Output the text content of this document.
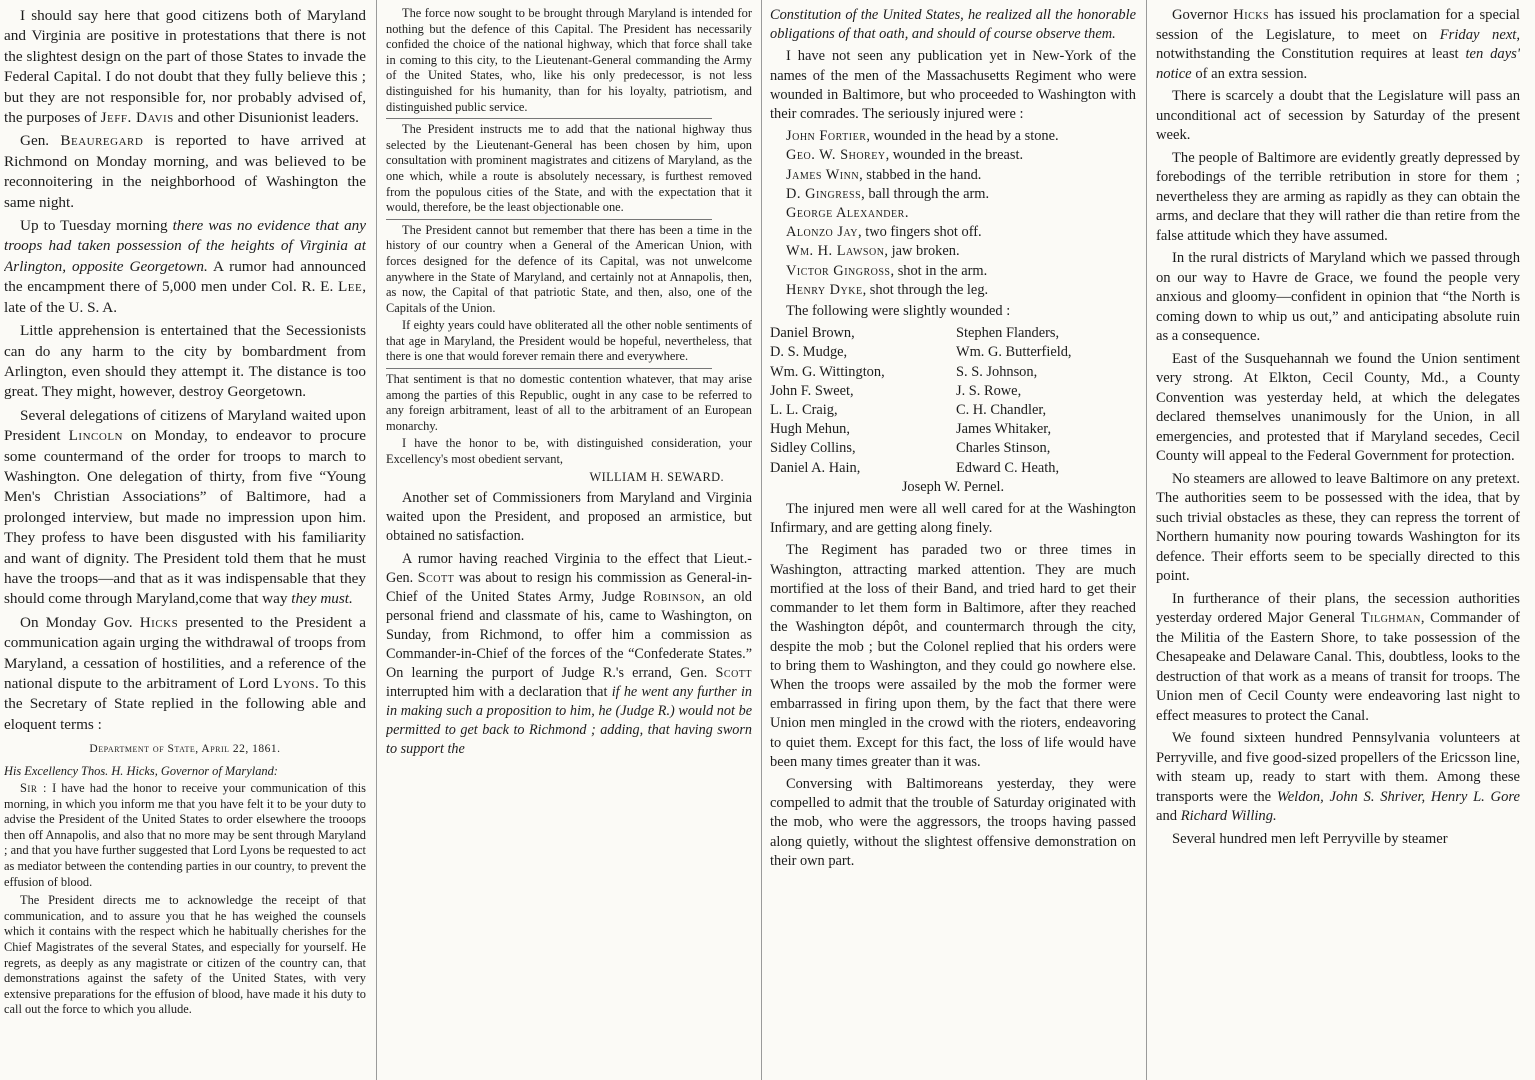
I should say here that good citizens both of Maryland and Virginia are positive in protestations that there is not the slightest design on the part of those States to invade the Federal Capital. I do not doubt that they fully believe this ; but they are not responsible for, nor probably advised of, the purposes of Jeff. Davis and other Disunionist leaders.

Gen. Beauregard is reported to have arrived at Richmond on Monday morning, and was believed to be reconnoitering in the neighborhood of Washington the same night.

Up to Tuesday morning there was no evidence that any troops had taken possession of the heights of Virginia at Arlington, opposite Georgetown. A rumor had announced the encampment there of 5,000 men under Col. R. E. Lee, late of the U. S. A.

Little apprehension is entertained that the Secessionists can do any harm to the city by bombardment from Arlington, even should they attempt it. The distance is too great. They might, however, destroy Georgetown.

Several delegations of citizens of Maryland waited upon President Lincoln on Monday, to endeavor to procure some countermand of the order for troops to march to Washington. One delegation of thirty, from five “Young Men's Christian Associations” of Baltimore, had a prolonged interview, but made no impression upon him. They profess to have been disgusted with his familiarity and want of dignity. The President told them that he must have the troops—and that as it was indispensable that they should come through Maryland,come that way they must.

On Monday Gov. Hicks presented to the President a communication again urging the withdrawal of troops from Maryland, a cessation of hostilities, and a reference of the national dispute to the arbitrament of Lord Lyons. To this the Secretary of State replied in the following able and eloquent terms :

Department of State, April 22, 1861.

His Excellency Thos. H. Hicks, Governor of Maryland:

Sir : I have had the honor to receive your communication of this morning, in which you inform me that you have felt it to be your duty to advise the President of the United States to order elsewhere the trooops then off Annapolis, and also that no more may be sent through Maryland ; and that you have further suggested that Lord Lyons be requested to act as mediator between the contending parties in our country, to prevent the effusion of blood.

The President directs me to acknowledge the receipt of that communication, and to assure you that he has weighed the counsels which it contains with the respect which he habitually cherishes for the Chief Magistrates of the several States, and especially for yourself. He regrets, as deeply as any magistrate or citizen of the country can, that demonstrations against the safety of the United States, with very extensive preparations for the effusion of blood, have made it his duty to call out the force to which you allude.

The force now sought to be brought through Maryland is intended for nothing but the defence of this Capital. The President has necessarily confided the choice of the national highway, which that force shall take in coming to this city, to the Lieutenant-General commanding the Army of the United States, who, like his only predecessor, is not less distinguished for his humanity, than for his loyalty, patriotism, and distinguished public service.

The President instructs me to add that the national highway thus selected by the Lieutenant-General has been chosen by him, upon consultation with prominent magistrates and citizens of Maryland, as the one which, while a route is absolutely necessary, is furthest removed from the populous cities of the State, and with the expectation that it would, therefore, be the least objectionable one.

The President cannot but remember that there has been a time in the history of our country when a General of the American Union, with forces designed for the defence of its Capital, was not unwelcome anywhere in the State of Maryland, and certainly not at Annapolis, then, as now, the Capital of that patriotic State, and then, also, one of the Capitals of the Union.

If eighty years could have obliterated all the other noble sentiments of that age in Maryland, the President would be hopeful, nevertheless, that there is one that would forever remain there and everywhere.

That sentiment is that no domestic contention whatever, that may arise among the parties of this Republic, ought in any case to be referred to any foreign arbitrament, least of all to the arbitrament of an European monarchy.

I have the honor to be, with distinguished consideration, your Excellency's most obedient servant,

WILLIAM H. SEWARD.

Another set of Commissioners from Maryland and Virginia waited upon the President, and proposed an armistice, but obtained no satisfaction.

A rumor having reached Virginia to the effect that Lieut.-Gen. Scott was about to resign his commission as General-in-Chief of the United States Army, Judge Robinson, an old personal friend and classmate of his, came to Washington, on Sunday, from Richmond, to offer him a commission as Commander-in-Chief of the forces of the “Confederate States.” On learning the purport of Judge R.'s errand, Gen. Scott interrupted him with a declaration that if he went any further in in making such a proposition to him, he (Judge R.) would not be permitted to get back to Richmond ; adding, that having sworn to support the

Constitution of the United States, he realized all the honorable obligations of that oath, and should of course observe them.

I have not seen any publication yet in New-York of the names of the men of the Massachusetts Regiment who were wounded in Baltimore, but who proceeded to Washington with their comrades. The seriously injured were :

John Fortier, wounded in the head by a stone.
Geo. W. Shorey, wounded in the breast.
James Winn, stabbed in the hand.
D. Gingress, ball through the arm.
George Alexander.
Alonzo Jay, two fingers shot off.
Wm. H. Lawson, jaw broken.
Victor Gingross, shot in the arm.
Henry Dyke, shot through the leg.

The following were slightly wounded :

Daniel Brown,	Stephen Flanders,
D. S. Mudge,	Wm. G. Butterfield,
Wm. G. Wittington,	S. S. Johnson,
John F. Sweet,	J. S. Rowe,
L. L. Craig,	C. H. Chandler,
Hugh Mehun,	James Whitaker,
Sidley Collins,	Charles Stinson,
Daniel A. Hain,	Edward C. Heath,
Joseph W. Pernel.

The injured men were all well cared for at the Washington Infirmary, and are getting along finely.

The Regiment has paraded two or three times in Washington, attracting marked attention. They are much mortified at the loss of their Band, and tried hard to get their commander to let them form in Baltimore, after they reached the Washington dépôt, and countermarch through the city, despite the mob ; but the Colonel replied that his orders were to bring them to Washington, and they could go nowhere else. When the troops were assailed by the mob the former were embarrassed in firing upon them, by the fact that there were Union men mingled in the crowd with the rioters, endeavoring to quiet them. Except for this fact, the loss of life would have been many times greater than it was.

Conversing with Baltimoreans yesterday, they were compelled to admit that the trouble of Saturday originated with the mob, who were the aggressors, the troops having passed along quietly, without the slightest offensive demonstration on their own part.

Governor Hicks has issued his proclamation for a special session of the Legislature, to meet on Friday next, notwithstanding the Constitution requires at least ten days' notice of an extra session.

There is scarcely a doubt that the Legislature will pass an unconditional act of secession by Saturday of the present week.

The people of Baltimore are evidently greatly depressed by forebodings of the terrible retribution in store for them ; nevertheless they are arming as rapidly as they can obtain the arms, and declare that they will rather die than retire from the false attitude which they have assumed.

In the rural districts of Maryland which we passed through on our way to Havre de Grace, we found the people very anxious and gloomy—confident in opinion that “the North is coming down to whip us out,” and anticipating absolute ruin as a consequence.

East of the Susquehannah we found the Union sentiment very strong. At Elkton, Cecil County, Md., a County Convention was yesterday held, at which the delegates declared themselves unanimously for the Union, in all emergencies, and protested that if Maryland secedes, Cecil County will appeal to the Federal Government for protection.

No steamers are allowed to leave Baltimore on any pretext. The authorities seem to be possessed with the idea, that by such trivial obstacles as these, they can repress the torrent of Northern humanity now pouring towards Washington for its defence. Their efforts seem to be specially directed to this point.

In furtherance of their plans, the secession authorities yesterday ordered Major General Tilghman, Commander of the Militia of the Eastern Shore, to take possession of the Chesapeake and Delaware Canal. This, doubtless, looks to the destruction of that work as a means of transit for troops. The Union men of Cecil County were endeavoring last night to effect measures to protect the Canal.

We found sixteen hundred Pennsylvania volunteers at Perryville, and five good-sized propellers of the Ericsson line, with steam up, ready to start with them. Among these transports were the Weldon, John S. Shriver, Henry L. Gore and Richard Willing.

Several hundred men left Perryville by steamer
